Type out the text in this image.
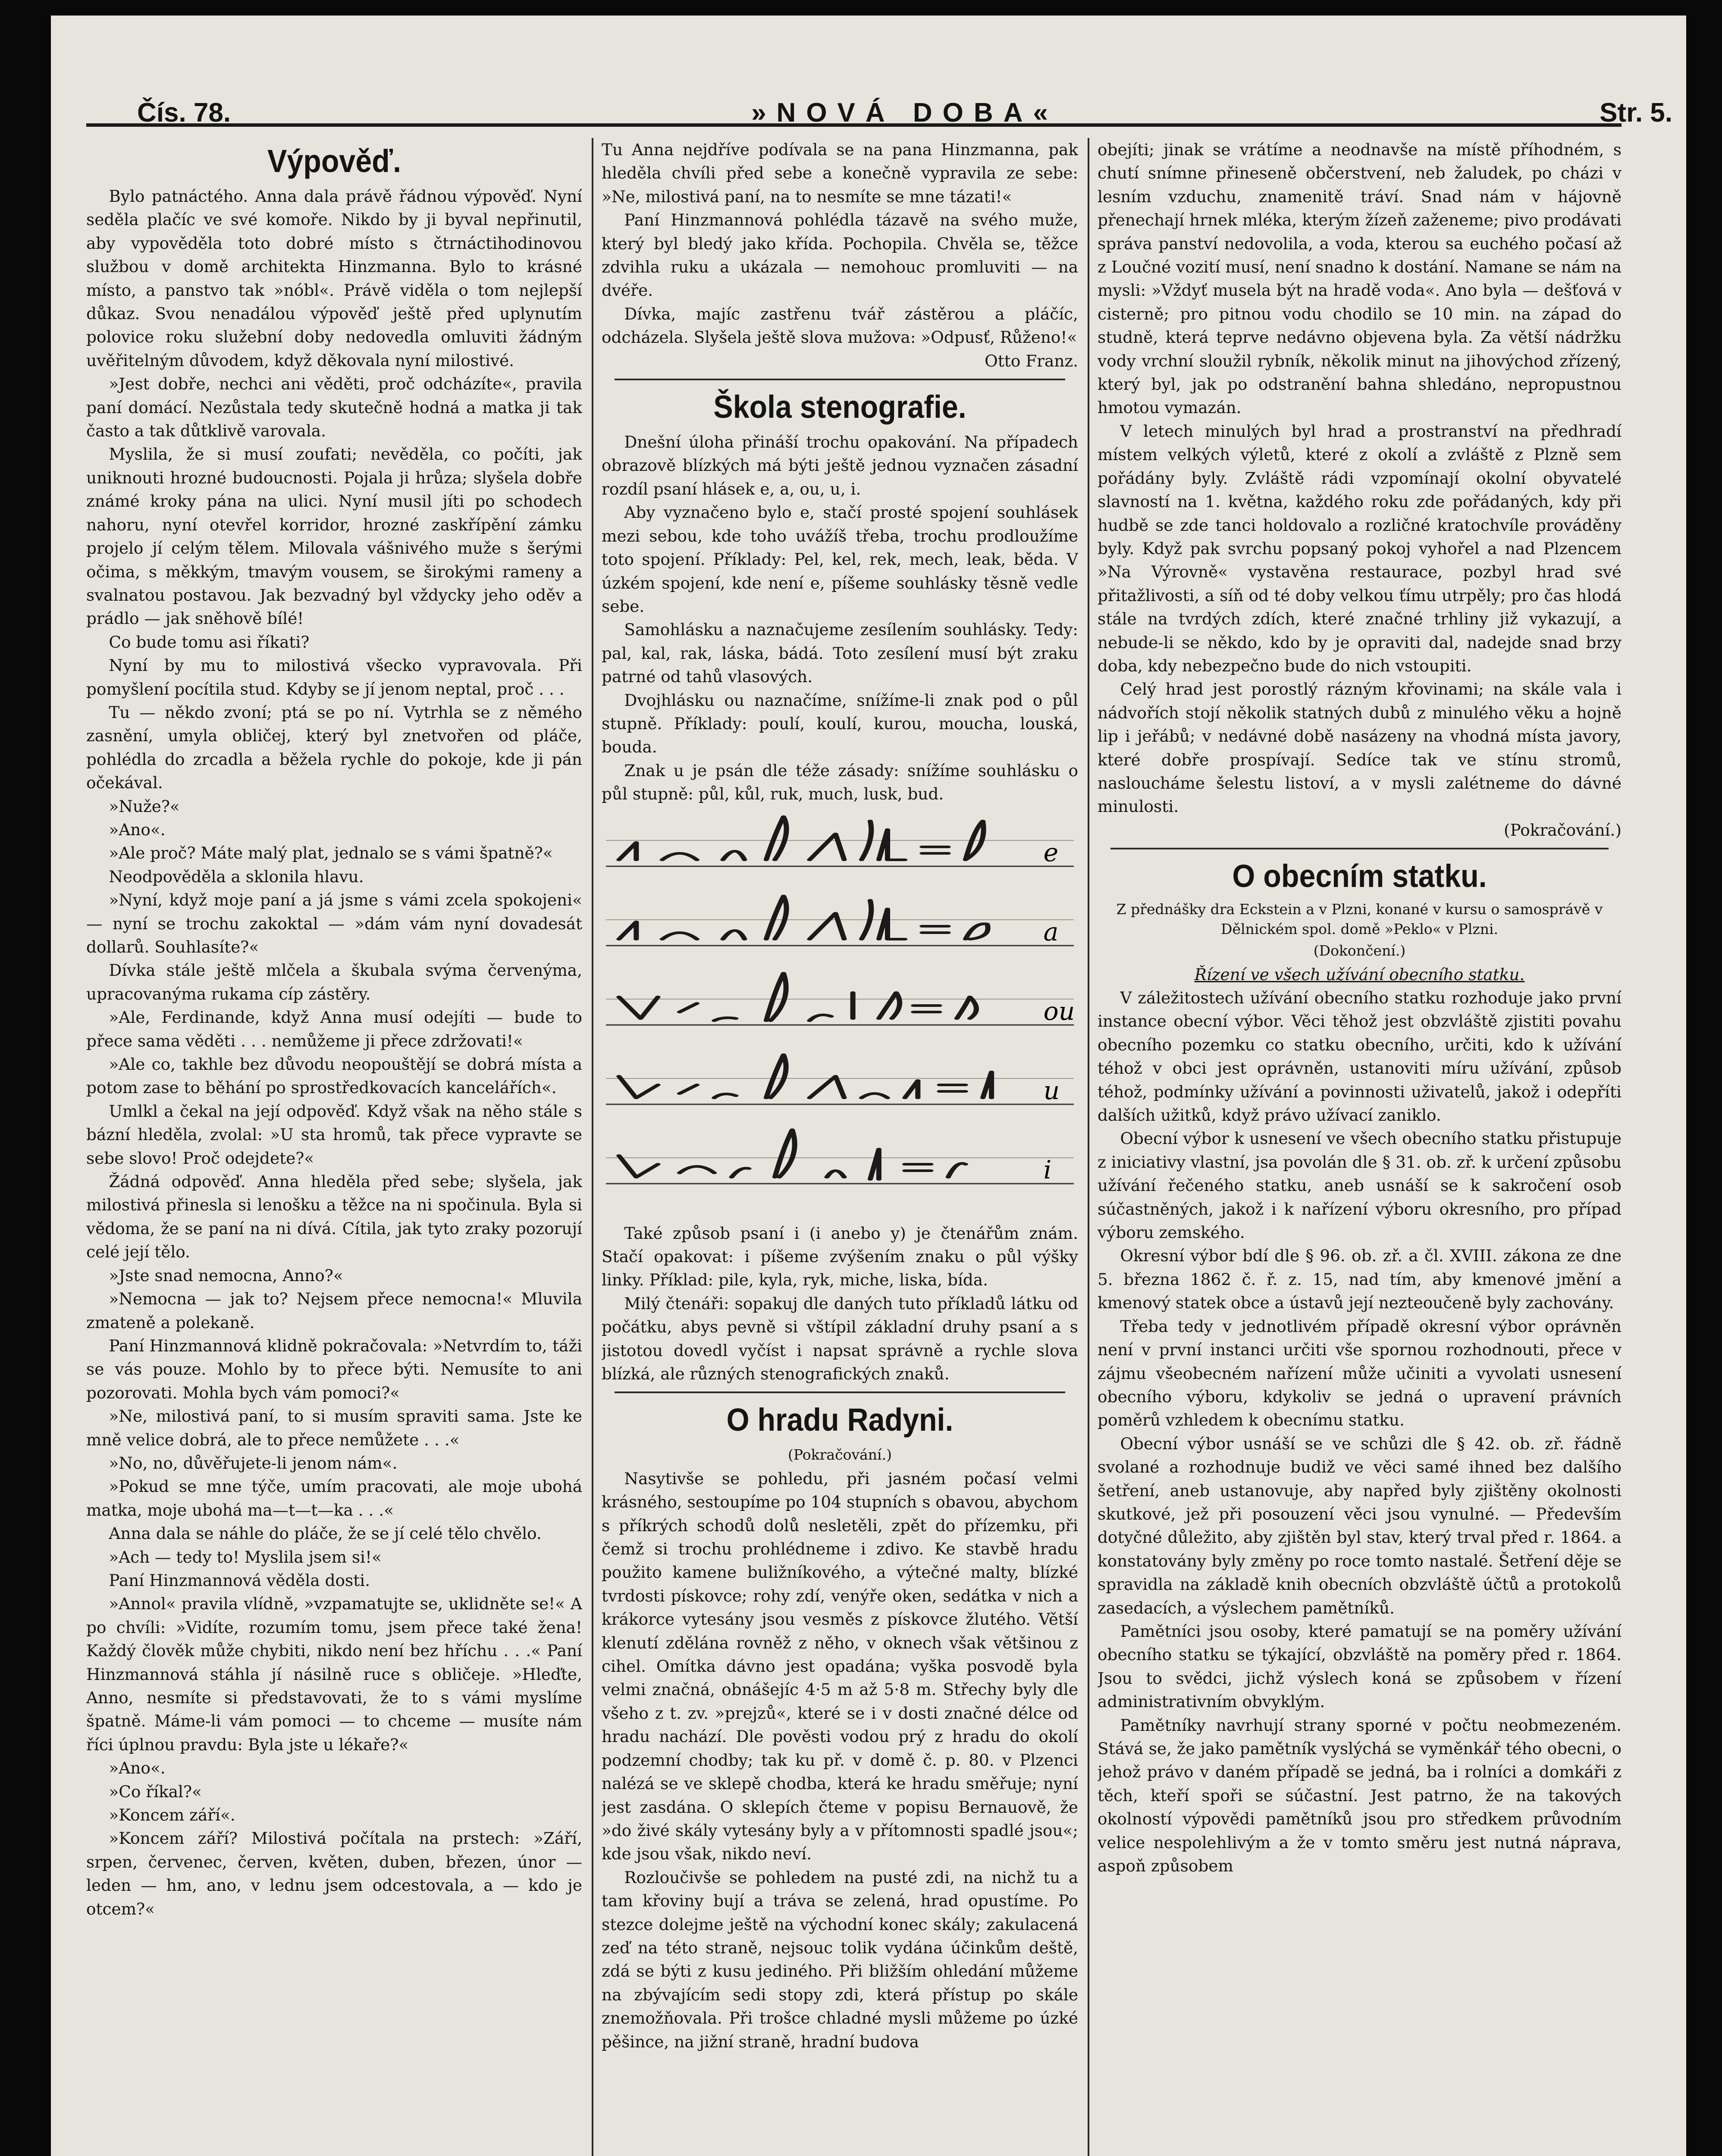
Čís. 78.	»NOVÁ DOBA«	Str. 5.
Výpověď.

Bylo patnáctého. Anna dala právě řádnou výpověď. Nyní seděla plačíc ve své komoře. Nikdo by ji byval nepřinutil, aby vypověděla toto dobré místo s čtrnáctihodinovou službou v domě architekta Hinzmanna. Bylo to krásné místo, a panstvo tak »nóbl«. Právě viděla o tom nejlepší důkaz. Svou nenadálou výpověď ještě před uplynutím polovice roku služební doby nedovedla omluviti žádným uvěřitelným důvodem, když děkovala nyní milostivé.

»Jest dobře, nechci ani věděti, proč odcházíte«, pravila paní domácí. Nezůstala tedy skutečně hodná a matka ji tak často a tak důtklivě varovala.

Myslila, že si musí zoufati; nevěděla, co počíti, jak uniknouti hrozné budoucnosti. Pojala ji hrůza; slyšela dobře známé kroky pána na ulici. Nyní musil jíti po schodech nahoru, nyní otevřel korridor, hrozné zaskřípění zámku projelo jí celým tělem. Milovala vášnivého muže s šerými očima, s měkkým, tmavým vousem, se širokými rameny a svalnatou postavou. Jak bezvadný byl vždycky jeho oděv a prádlo — jak sněhově bílé!

Co bude tomu asi říkati?

Nyní by mu to milostivá všecko vypravovala. Při pomyšlení pocítila stud. Kdyby se jí jenom neptal, proč . . .

Tu — někdo zvoní; ptá se po ní. Vytrhla se z němého zasnění, umyla obličej, který byl znetvořen od pláče, pohlédla do zrcadla a běžela rychle do pokoje, kde ji pán očekával.

»Nuže?«

»Ano«.

»Ale proč? Máte malý plat, jednalo se s vámi špatně?«

Neodpověděla a sklonila hlavu.

»Nyní, když moje paní a já jsme s vámi zcela spokojeni« — nyní se trochu zakoktal — »dám vám nyní dovadesát dollarů. Souhlasíte?«

Dívka stále ještě mlčela a škubala svýma červenýma, upracovanýma rukama cíp zástěry.

»Ale, Ferdinande, když Anna musí odejíti — bude to přece sama věděti . . . nemůžeme ji přece zdržovati!«

»Ale co, takhle bez důvodu neopouštějí se dobrá místa a potom zase to běhání po sprostředkovacích kancelářích«.

Umlkl a čekal na její odpověď. Když však na něho stále s bázní hleděla, zvolal: »U sta hromů, tak přece vypravte se sebe slovo! Proč odejdete?«

Žádná odpověď. Anna hleděla před sebe; slyšela, jak milostivá přinesla si lenošku a těžce na ni spočinula. Byla si vědoma, že se paní na ni dívá. Cítila, jak tyto zraky pozorují celé její tělo.

»Jste snad nemocna, Anno?«

»Nemocna — jak to? Nejsem přece nemocna!« Mluvila zmateně a polekaně.

Paní Hinzmannová klidně pokračovala: »Netvrdím to, táži se vás pouze. Mohlo by to přece býti. Nemusíte to ani pozorovati. Mohla bych vám pomoci?«

»Ne, milostivá paní, to si musím spraviti sama. Jste ke mně velice dobrá, ale to přece nemůžete . . .«

»No, no, důvěřujete-li jenom nám«.

»Pokud se mne týče, umím pracovati, ale moje ubohá matka, moje ubohá ma—t—t—ka . . .«

Anna dala se náhle do pláče, že se jí celé tělo chvělo.

»Ach — tedy to! Myslila jsem si!«

Paní Hinzmannová věděla dosti.

»Annol« pravila vlídně, »vzpamatujte se, uklidněte se!« A po chvíli: »Vidíte, rozumím tomu, jsem přece také žena! Každý člověk může chybiti, nikdo není bez hříchu . . .« Paní Hinzmannová stáhla jí násilně ruce s obličeje. »Hleďte, Anno, nesmíte si představovati, že to s vámi myslíme špatně. Máme-li vám pomoci — to chceme — musíte nám říci úplnou pravdu: Byla jste u lékaře?«

»Ano«.

»Co říkal?«

»Koncem září«.

»Koncem září? Milostivá počítala na prstech: »Září, srpen, červenec, červen, květen, duben, březen, únor — leden — hm, ano, v lednu jsem odcestovala, a — kdo je otcem?«

Tu Anna nejdříve podívala se na pana Hinzmanna, pak hleděla chvíli před sebe a konečně vypravila ze sebe: »Ne, milostivá paní, na to nesmíte se mne tázati!«

Paní Hinzmannová pohlédla tázavě na svého muže, který byl bledý jako křída. Pochopila. Chvěla se, těžce zdvihla ruku a ukázala — nemohouc promluviti — na dvéře.

Dívka, majíc zastřenu tvář zástěrou a pláčíc, odcházela. Slyšela ještě slova mužova: »Odpusť, Růženo!«

Otto Franz.

Škola stenografie.

Dnešní úloha přináší trochu opakování. Na případech obrazově blízkých má býti ještě jednou vyznačen zásadní rozdíl psaní hlásek e, a, ou, u, i.

Aby vyznačeno bylo e, stačí prosté spojení souhlásek mezi sebou, kde toho uvážíš třeba, trochu prodloužíme toto spojení. Příklady: Pel, kel, rek, mech, leak, běda. V úzkém spojení, kde není e, píšeme souhlásky těsně vedle sebe.

Samohlásku a naznačujeme zesílením souhlásky. Tedy: pal, kal, rak, láska, bádá. Toto zesílení musí být zraku patrné od tahů vlasových.

Dvojhlásku ou naznačíme, snížíme-li znak pod o půl stupně. Příklady: poulí, koulí, kurou, moucha, louská, bouda.

Znak u je psán dle téže zásady: snížíme souhlásku o půl stupně: půl, kůl, ruk, much, lusk, bud.

e
a
ou
u
i

Také způsob psaní i (i anebo y) je čtenářům znám. Stačí opakovat: i píšeme zvýšením znaku o půl výšky linky. Příklad: pile, kyla, ryk, miche, liska, bída.

Milý čtenáři: sopakuj dle daných tuto příkladů látku od počátku, abys pevně si vštípil základní druhy psaní a s jistotou dovedl vyčíst i napsat správně a rychle slova blízká, ale různých stenografických znaků.

O hradu Radyni.

(Pokračování.)

Nasytivše se pohledu, při jasném počasí velmi krásného, sestoupíme po 104 stupních s obavou, abychom s příkrých schodů dolů nesletěli, zpět do přízemku, při čemž si trochu prohlédneme i zdivo. Ke stavbě hradu použito kamene buližníkového, a výtečné malty, blízké tvrdosti pískovce; rohy zdí, venýře oken, sedátka v nich a krákorce vytesány jsou vesměs z pískovce žlutého. Větší klenutí zdělána rovněž z něho, v oknech však většinou z cihel. Omítka dávno jest opadána; vyška posvodě byla velmi značná, obnášejíc 4·5 m až 5·8 m. Střechy byly dle všeho z t. zv. »prejzů«, které se i v dosti značné délce od hradu nachází. Dle pověsti vodou prý z hradu do okolí podzemní chodby; tak ku př. v domě č. p. 80. v Plzenci nalézá se ve sklepě chodba, která ke hradu směřuje; nyní jest zasdána. O sklepích čteme v popisu Bernauově, že »do živé skály vytesány byly a v přítomnosti spadlé jsou«; kde jsou však, nikdo neví.

Rozloučivše se pohledem na pusté zdi, na nichž tu a tam křoviny bují a tráva se zelená, hrad opustíme. Po stezce dolejme ještě na východní konec skály; zakulacená zeď na této straně, nejsouc tolik vydána účinkům deště, zdá se býti z kusu jediného. Při bližším ohledání můžeme na zbývajícím sedi stopy zdi, která přístup po skále znemožňovala. Při trošce chladné mysli můžeme po úzké pěšince, na jižní straně, hradní budova

obejíti; jinak se vrátíme a neodnavše na místě příhodném, s chutí snímne přineseně občerstvení, neb žaludek, po cházi v lesním vzduchu, znamenitě tráví. Snad nám v hájovně přenechají hrnek mléka, kterým žízeň zaženeme; pivo prodávati správa panství nedovolila, a voda, kterou sa euchého počasí až z Loučné vozití musí, není snadno k dostání. Namane se nám na mysli: »Vždyť musela být na hradě voda«. Ano byla — dešťová v cisterně; pro pitnou vodu chodilo se 10 min. na západ do studně, která teprve nedávno objevena byla. Za větší nádržku vody vrchní sloužil rybník, několik minut na jihovýchod zřízený, který byl, jak po odstranění bahna shledáno, nepropustnou hmotou vymazán.

V letech minulých byl hrad a prostranství na předhradí místem velkých výletů, které z okolí a zvláště z Plzně sem pořádány byly. Zvláště rádi vzpomínají okolní obyvatelé slavností na 1. května, každého roku zde pořádaných, kdy při hudbě se zde tanci holdovalo a rozličné kratochvíle prováděny byly. Když pak svrchu popsaný pokoj vyhořel a nad Plzencem »Na Výrovně« vystavěna restaurace, pozbyl hrad své přitažlivosti, a síň od té doby velkou ťímu utrpěly; pro čas hlodá stále na tvrdých zdích, které značné trhliny již vykazují, a nebude-li se někdo, kdo by je opraviti dal, nadejde snad brzy doba, kdy nebezpečno bude do nich vstoupiti.

Celý hrad jest porostlý rázným křovinami; na skále vala i nádvořích stojí několik statných dubů z minulého věku a hojně lip i jeřábů; v nedávné době nasázeny na vhodná místa javory, které dobře prospívají. Sedíce tak ve stínu stromů, nasloucháme šelestu listoví, a v mysli zalétneme do dávné minulosti.

(Pokračování.)

O obecním statku.

Z přednášky dra Eckstein a v Plzni, konané v kursu o samosprávě v Dělnickém spol. domě »Peklo« v Plzni.

(Dokončení.)

Řízení ve všech užívání obecního statku.

V záležitostech užívání obecního statku rozhoduje jako první instance obecní výbor. Věci těhož jest obzvláště zjistiti povahu obecního pozemku co statku obecního, určiti, kdo k užívání téhož v obci jest oprávněn, ustanoviti míru užívání, způsob téhož, podmínky užívání a povinnosti uživatelů, jakož i odepříti dalších užitků, když právo užívací zaniklo.

Obecní výbor k usnesení ve všech obecního statku přistupuje z iniciativy vlastní, jsa povolán dle § 31. ob. zř. k určení způsobu užívání řečeného statku, aneb usnáší se k sakročení osob súčastněných, jakož i k nařízení výboru okresního, pro případ výboru zemského.

Okresní výbor bdí dle § 96. ob. zř. a čl. XVIII. zákona ze dne 5. března 1862 č. ř. z. 15, nad tím, aby kmenové jmění a kmenový statek obce a ústavů její nezteoučeně byly zachovány.

Třeba tedy v jednotlivém případě okresní výbor oprávněn není v první instanci určiti vše spornou rozhodnouti, přece v zájmu všeobecném nařízení může učiniti a vyvolati usnesení obecního výboru, kdykoliv se jedná o upravení právních poměrů vzhledem k obecnímu statku.

Obecní výbor usnáší se ve schůzi dle § 42. ob. zř. řádně svolané a rozhodnuje budiž ve věci samé ihned bez dalšího šetření, aneb ustanovuje, aby napřed byly zjištěny okolnosti skutkové, jež při posouzení věci jsou vynulné. — Především dotyčné důležito, aby zjištěn byl stav, který trval před r. 1864. a konstatovány byly změny po roce tomto nastalé. Šetření děje se spravidla na základě knih obecních obzvláště účtů a protokolů zasedacích, a výslechem pamětníků.

Pamětníci jsou osoby, které pamatují se na poměry užívání obecního statku se týkající, obzvláště na poměry před r. 1864. Jsou to svědci, jichž výslech koná se způsobem v řízení administrativním obvyklým.

Pamětníky navrhují strany sporné v počtu neobmezeném. Stává se, že jako pamětník vyslýchá se vyměnkář tého obecni, o jehož právo v daném případě se jedná, ba i rolníci a domkáři z těch, kteří spoři se súčastní. Jest patrno, že na takových okolností výpovědi pamětníků jsou pro středkem průvodním velice nespolehlivým a že v tomto směru jest nutná náprava, aspoň způsobem
